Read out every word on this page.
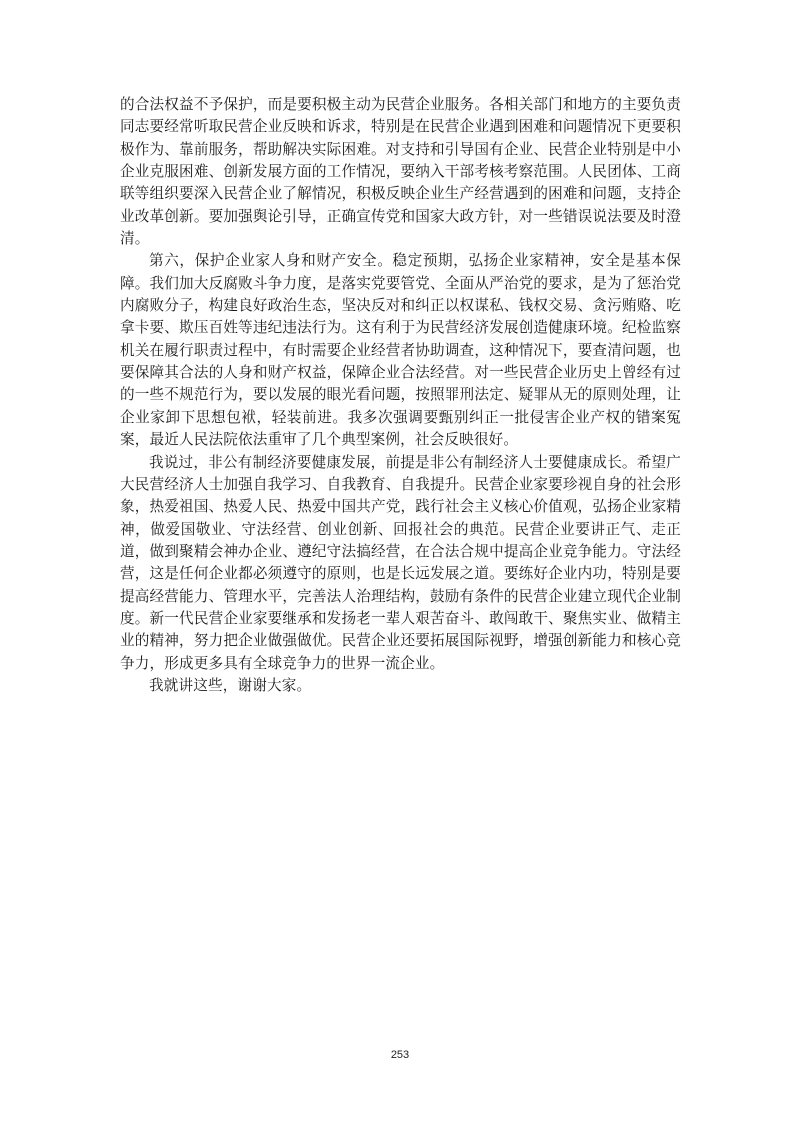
的合法权益不予保护，而是要积极主动为民营企业服务。各相关部门和地方的主要负责同志要经常听取民营企业反映和诉求，特别是在民营企业遇到困难和问题情况下更要积极作为、靠前服务，帮助解决实际困难。对支持和引导国有企业、民营企业特别是中小企业克服困难、创新发展方面的工作情况，要纳入干部考核考察范围。人民团体、工商联等组织要深入民营企业了解情况，积极反映企业生产经营遇到的困难和问题，支持企业改革创新。要加强舆论引导，正确宣传党和国家大政方针，对一些错误说法要及时澄清。

第六，保护企业家人身和财产安全。稳定预期，弘扬企业家精神，安全是基本保障。我们加大反腐败斗争力度，是落实党要管党、全面从严治党的要求，是为了惩治党内腐败分子，构建良好政治生态，坚决反对和纠正以权谋私、钱权交易、贪污贿赂、吃拿卡要、欺压百姓等违纪违法行为。这有利于为民营经济发展创造健康环境。纪检监察机关在履行职责过程中，有时需要企业经营者协助调查，这种情况下，要查清问题，也要保障其合法的人身和财产权益，保障企业合法经营。对一些民营企业历史上曾经有过的一些不规范行为，要以发展的眼光看问题，按照罪刑法定、疑罪从无的原则处理，让企业家卸下思想包袱，轻装前进。我多次强调要甄别纠正一批侵害企业产权的错案冤案，最近人民法院依法重审了几个典型案例，社会反映很好。

我说过，非公有制经济要健康发展，前提是非公有制经济人士要健康成长。希望广大民营经济人士加强自我学习、自我教育、自我提升。民营企业家要珍视自身的社会形象，热爱祖国、热爱人民、热爱中国共产党，践行社会主义核心价值观，弘扬企业家精神，做爱国敬业、守法经营、创业创新、回报社会的典范。民营企业要讲正气、走正道，做到聚精会神办企业、遵纪守法搞经营，在合法合规中提高企业竞争能力。守法经营，这是任何企业都必须遵守的原则，也是长远发展之道。要练好企业内功，特别是要提高经营能力、管理水平，完善法人治理结构，鼓励有条件的民营企业建立现代企业制度。新一代民营企业家要继承和发扬老一辈人艰苦奋斗、敢闯敢干、聚焦实业、做精主业的精神，努力把企业做强做优。民营企业还要拓展国际视野，增强创新能力和核心竞争力，形成更多具有全球竞争力的世界一流企业。

我就讲这些，谢谢大家。

253
